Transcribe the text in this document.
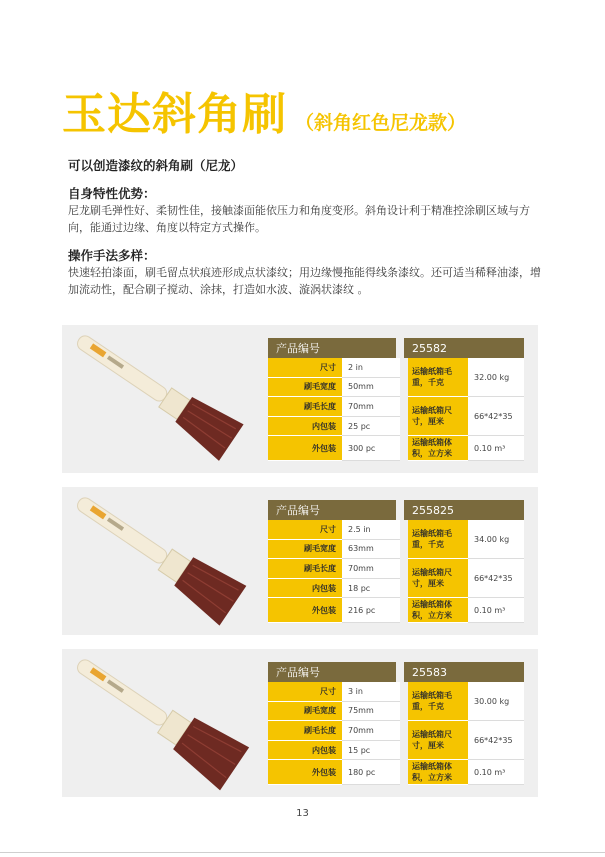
玉达斜角刷 （斜角红色尼龙款）
可以创造漆纹的斜角刷（尼龙）
自身特性优势：
尼龙刷毛弹性好、柔韧性佳，接触漆面能依压力和角度变形。斜角设计利于精准控涂刷区域与方向，能通过边缘、角度以特定方式操作。
操作手法多样：
快速轻拍漆面，刷毛留点状痕迹形成点状漆纹；用边缘慢拖能得线条漆纹。还可适当稀释油漆，增加流动性，配合刷子搅动、涂抹，打造如水波、漩涡状漆纹 。
产品编号		25582		
尺寸	2 in		运输纸箱毛重，千克	32.00 kg
刷毛宽度	50mm			
刷毛长度	70mm		运输纸箱尺寸，厘米	66*42*35
内包装	25 pc			
外包装	300 pc		运输纸箱体积，立方米	0.10 m³
产品编号		255825		
尺寸	2.5 in		运输纸箱毛重，千克	34.00 kg
刷毛宽度	63mm			
刷毛长度	70mm		运输纸箱尺寸，厘米	66*42*35
内包装	18 pc			
外包装	216 pc		运输纸箱体积，立方米	0.10 m³
产品编号		25583		
尺寸	3 in		运输纸箱毛重，千克	30.00 kg
刷毛宽度	75mm			
刷毛长度	70mm		运输纸箱尺寸，厘米	66*42*35
内包装	15 pc			
外包装	180 pc		运输纸箱体积，立方米	0.10 m³
13
